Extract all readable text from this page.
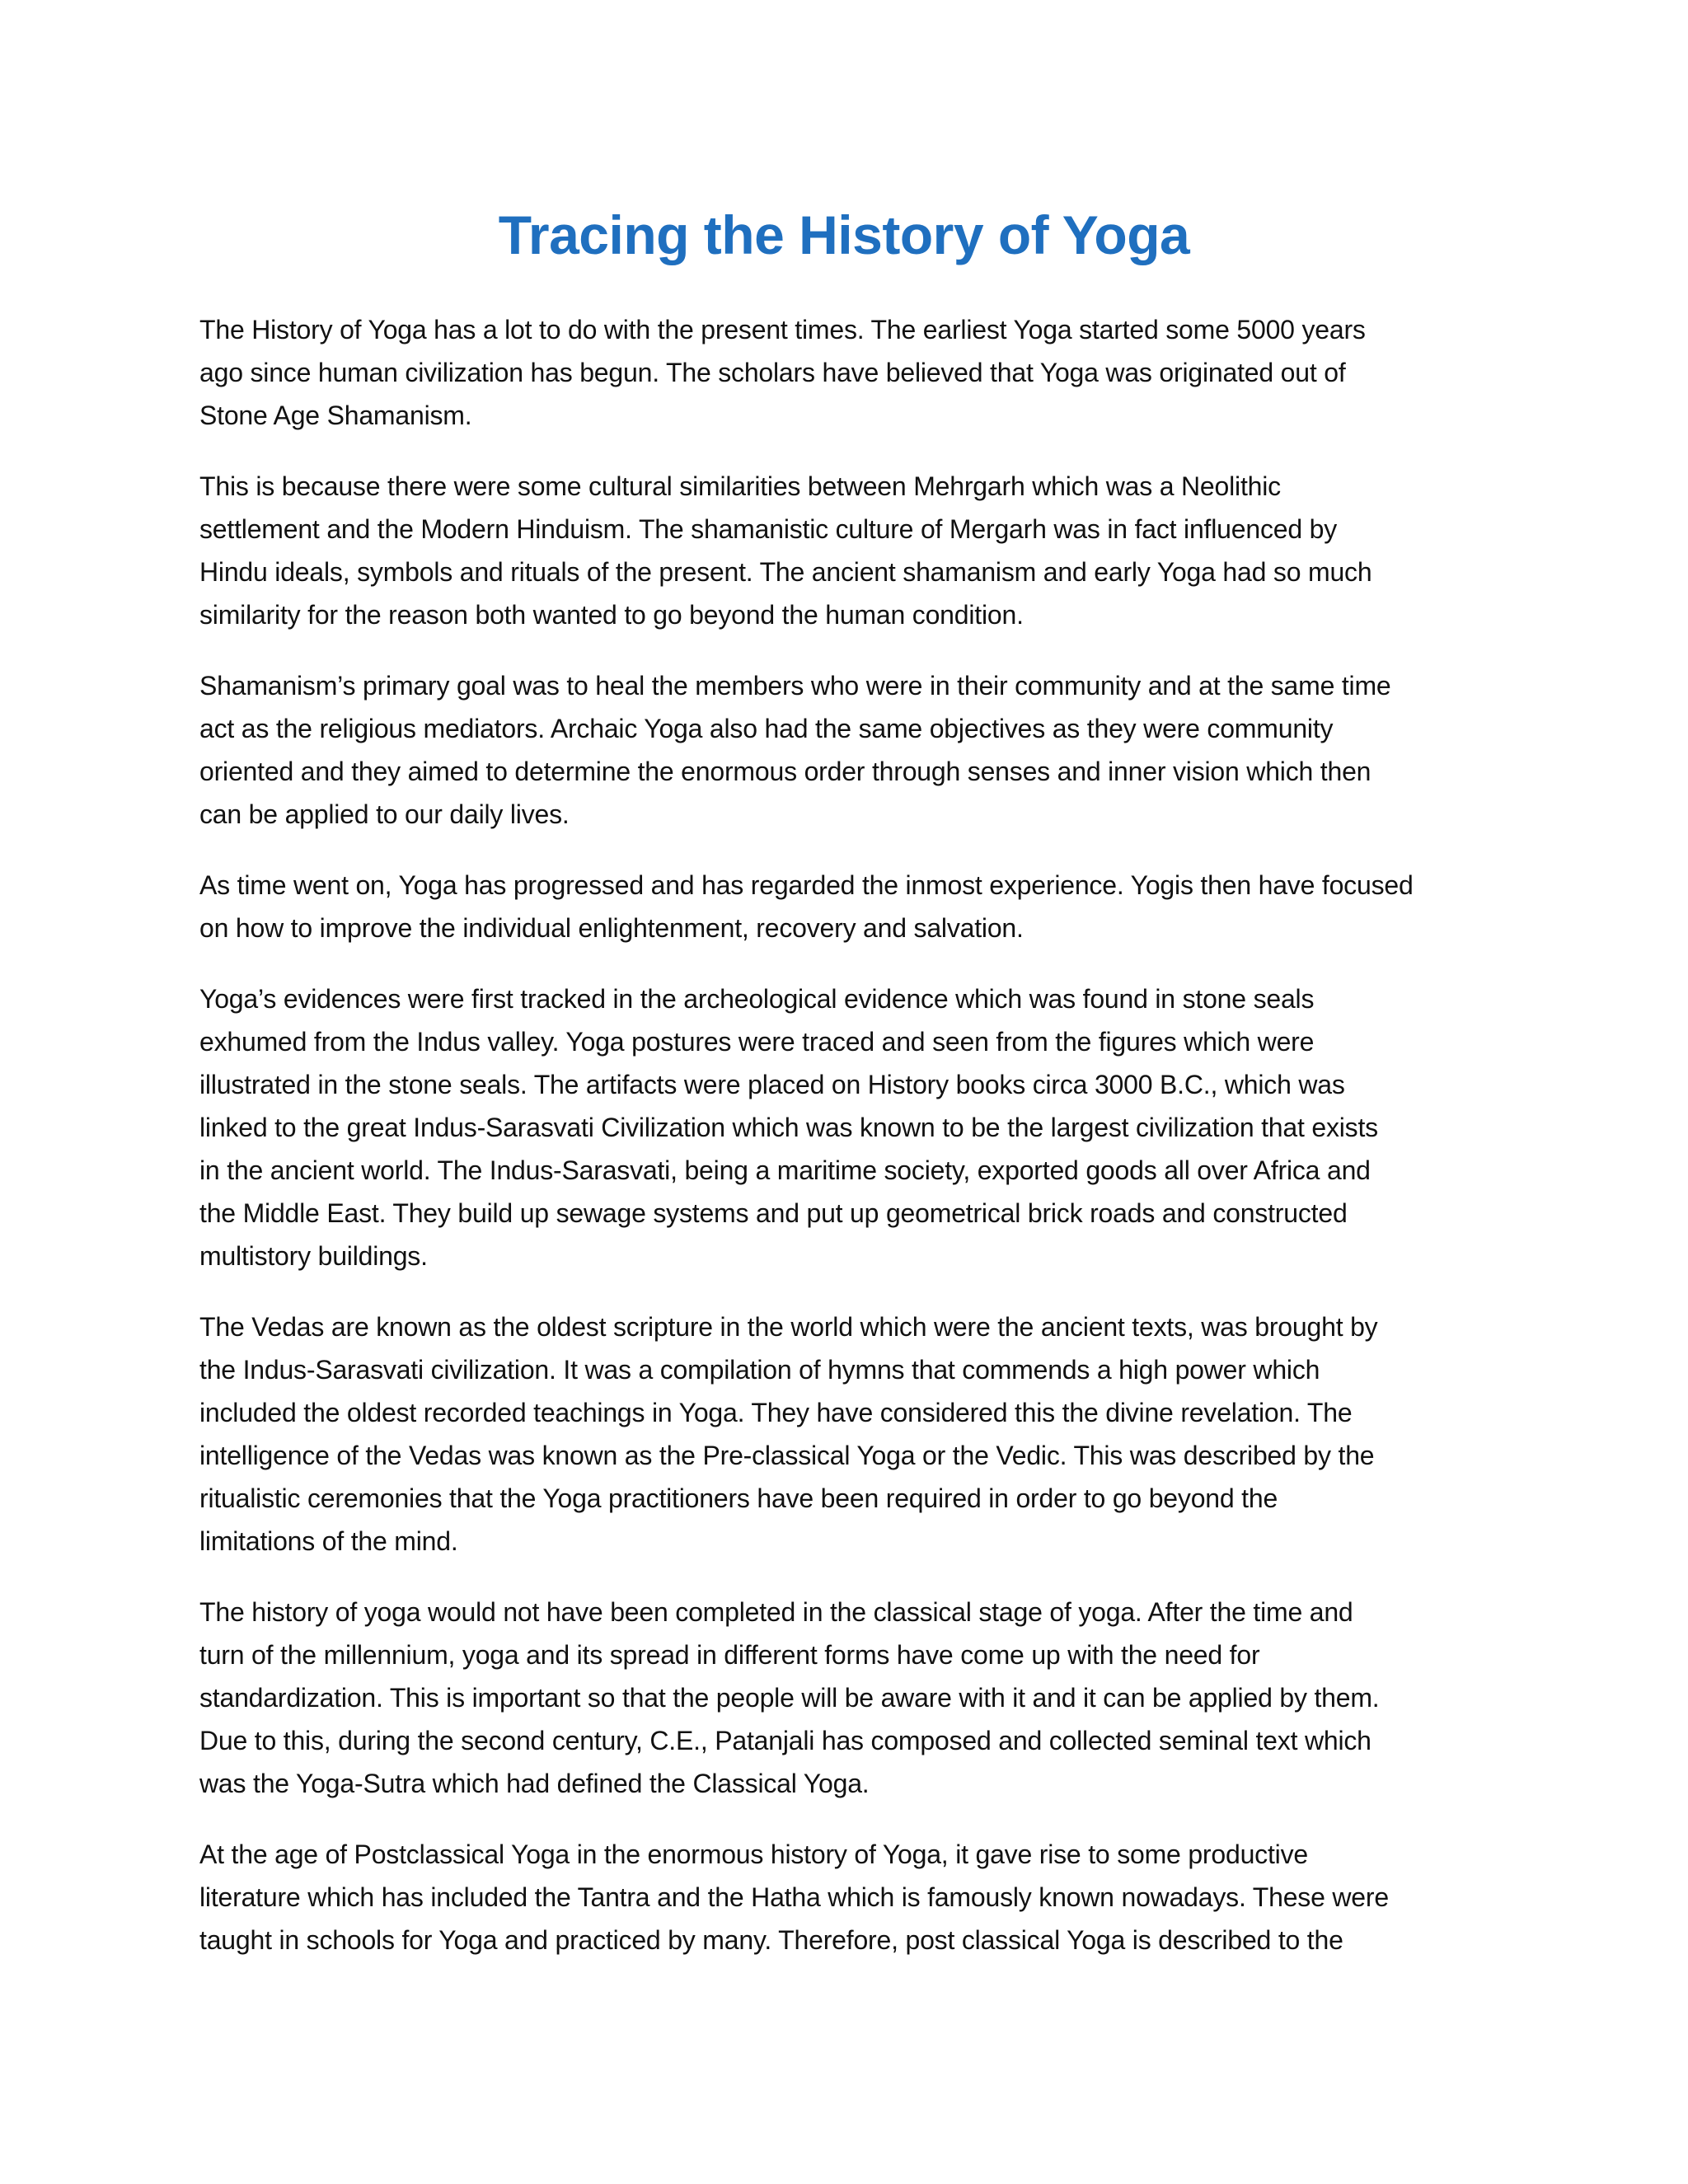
Tracing the History of Yoga

The History of Yoga has a lot to do with the present times. The earliest Yoga started some 5000 years
ago since human civilization has begun. The scholars have believed that Yoga was originated out of
Stone Age Shamanism.

This is because there were some cultural similarities between Mehrgarh which was a Neolithic
settlement and the Modern Hinduism. The shamanistic culture of Mergarh was in fact influenced by
Hindu ideals, symbols and rituals of the present. The ancient shamanism and early Yoga had so much
similarity for the reason both wanted to go beyond the human condition.

Shamanism’s primary goal was to heal the members who were in their community and at the same time
act as the religious mediators. Archaic Yoga also had the same objectives as they were community
oriented and they aimed to determine the enormous order through senses and inner vision which then
can be applied to our daily lives.

As time went on, Yoga has progressed and has regarded the inmost experience. Yogis then have focused
on how to improve the individual enlightenment, recovery and salvation.

Yoga’s evidences were first tracked in the archeological evidence which was found in stone seals
exhumed from the Indus valley. Yoga postures were traced and seen from the figures which were
illustrated in the stone seals. The artifacts were placed on History books circa 3000 B.C., which was
linked to the great Indus-Sarasvati Civilization which was known to be the largest civilization that exists
in the ancient world. The Indus-Sarasvati, being a maritime society, exported goods all over Africa and
the Middle East. They build up sewage systems and put up geometrical brick roads and constructed
multistory buildings.

The Vedas are known as the oldest scripture in the world which were the ancient texts, was brought by
the Indus-Sarasvati civilization. It was a compilation of hymns that commends a high power which
included the oldest recorded teachings in Yoga. They have considered this the divine revelation. The
intelligence of the Vedas was known as the Pre-classical Yoga or the Vedic. This was described by the
ritualistic ceremonies that the Yoga practitioners have been required in order to go beyond the
limitations of the mind.

The history of yoga would not have been completed in the classical stage of yoga. After the time and
turn of the millennium, yoga and its spread in different forms have come up with the need for
standardization. This is important so that the people will be aware with it and it can be applied by them.
Due to this, during the second century, C.E., Patanjali has composed and collected seminal text which
was the Yoga-Sutra which had defined the Classical Yoga.

At the age of Postclassical Yoga in the enormous history of Yoga, it gave rise to some productive
literature which has included the Tantra and the Hatha which is famously known nowadays. These were
taught in schools for Yoga and practiced by many. Therefore, post classical Yoga is described to the
